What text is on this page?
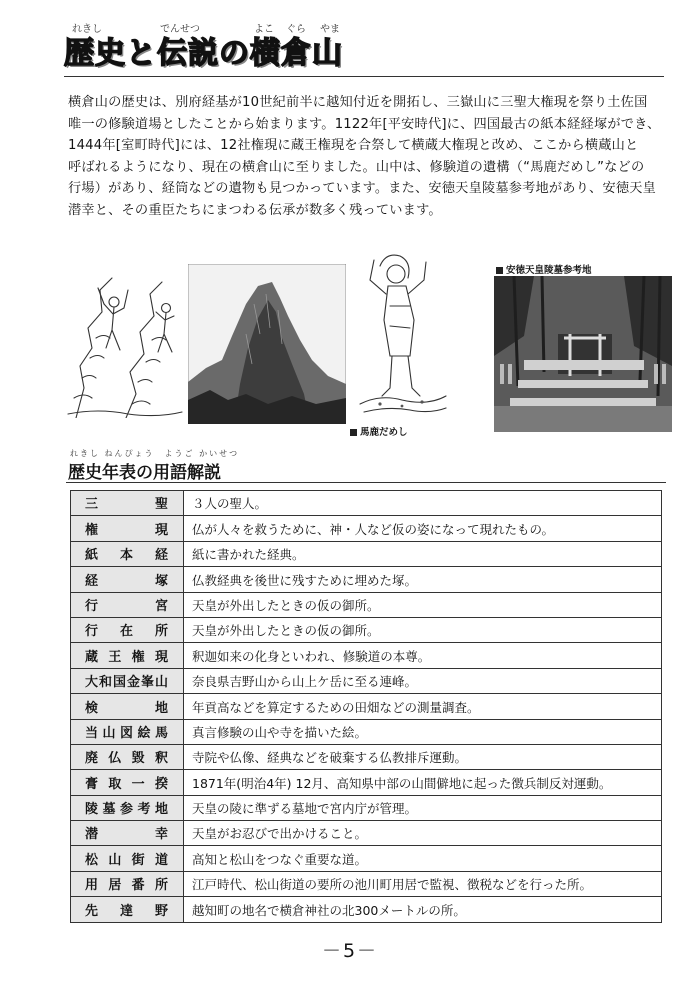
れきし	でんせつ	よこ ぐら やま
歴史と伝説の横倉山
横倉山の歴史は、別府経基が10世紀前半に越知付近を開拓し、三嶽山に三聖大権現を祭り土佐国
唯一の修験道場としたことから始まります。1122年[平安時代]に、四国最古の紙本経経塚ができ、
1444年[室町時代]には、12社権現に蔵王権現を合祭して横蔵大権現と改め、ここから横蔵山と
呼ばれるようになり、現在の横倉山に至りました。山中は、修験道の遺構（“馬鹿だめし”などの
行場）があり、経筒などの遺物も見つかっています。また、安徳天皇陵墓参考地があり、安徳天皇
潜幸と、その重臣たちにまつわる伝承が数多く残っています。
馬鹿だめし
安徳天皇陵墓参考地
れきし ねんぴょう　ようご かいせつ
歴史年表の用語解説
三聖	３人の聖人。
権現	仏が人々を救うために、神・人など仮の姿になって現れたもの。
紙本経	紙に書かれた経典。
経塚	仏教経典を後世に残すために埋めた塚。
行宮	天皇が外出したときの仮の御所。
行在所	天皇が外出したときの仮の御所。
蔵王権現	釈迦如来の化身といわれ、修験道の本尊。
大和国金峯山	奈良県吉野山から山上ケ岳に至る連峰。
検地	年貢高などを算定するための田畑などの測量調査。
当山図絵馬	真言修験の山や寺を描いた絵。
廃仏毀釈	寺院や仏像、経典などを破棄する仏教排斥運動。
膏取一揆	1871年(明治4年) 12月、高知県中部の山間僻地に起った徴兵制反対運動。
陵墓参考地	天皇の陵に準ずる墓地で宮内庁が管理。
潜幸	天皇がお忍びで出かけること。
松山街道	高知と松山をつなぐ重要な道。
用居番所	江戸時代、松山街道の要所の池川町用居で監視、徴税などを行った所。
先達野	越知町の地名で横倉神社の北300メートルの所。
－5－
